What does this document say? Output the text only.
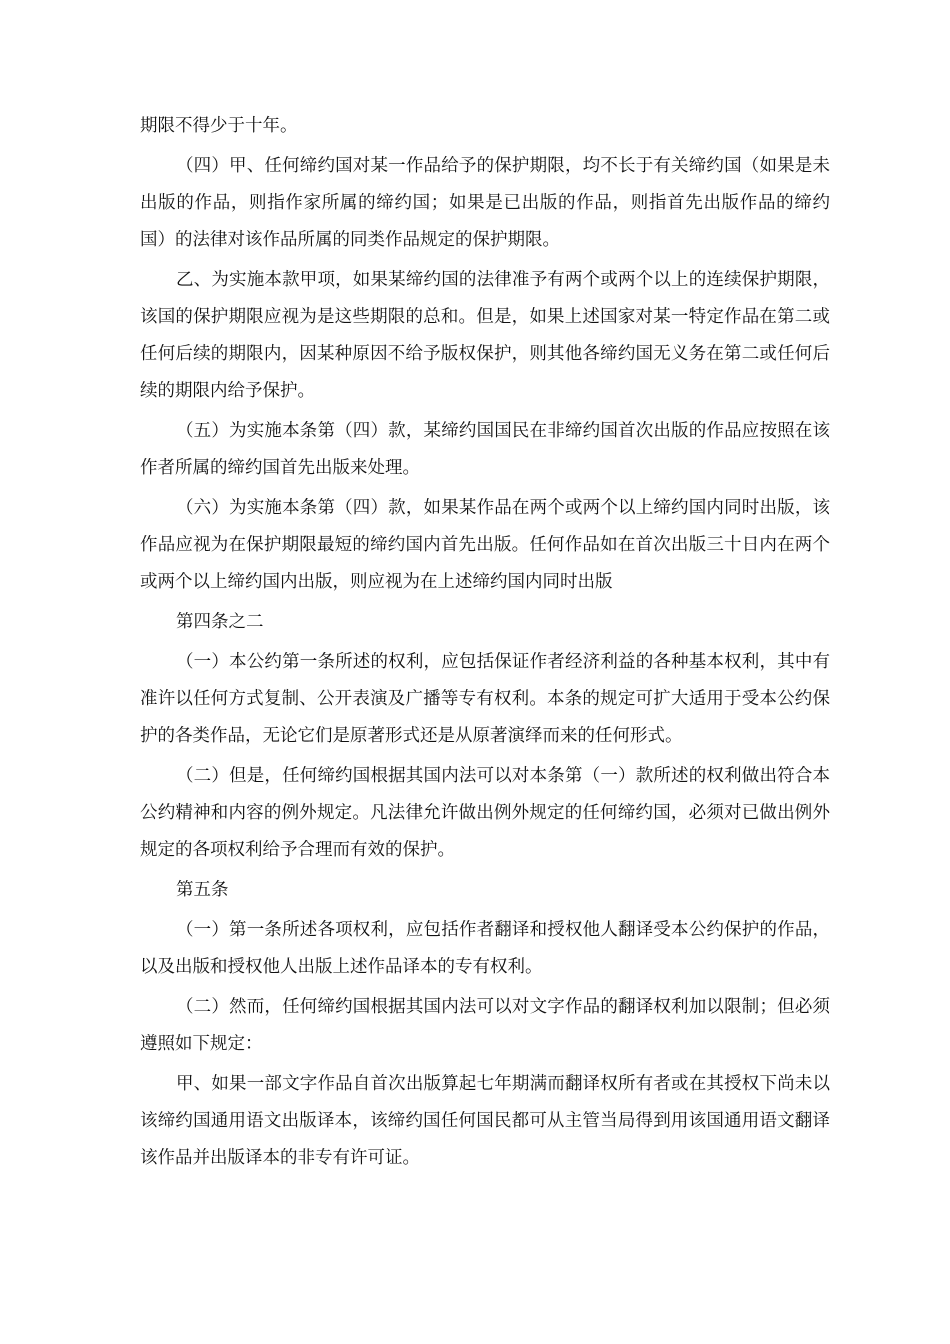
期限不得少于十年。

（四）甲、任何缔约国对某一作品给予的保护期限，均不长于有关缔约国（如果是未出版的作品，则指作家所属的缔约国；如果是已出版的作品，则指首先出版作品的缔约国）的法律对该作品所属的同类作品规定的保护期限。

乙、为实施本款甲项，如果某缔约国的法律准予有两个或两个以上的连续保护期限，该国的保护期限应视为是这些期限的总和。但是，如果上述国家对某一特定作品在第二或任何后续的期限内，因某种原因不给予版权保护，则其他各缔约国无义务在第二或任何后续的期限内给予保护。

（五）为实施本条第（四）款，某缔约国国民在非缔约国首次出版的作品应按照在该作者所属的缔约国首先出版来处理。

（六）为实施本条第（四）款，如果某作品在两个或两个以上缔约国内同时出版，该作品应视为在保护期限最短的缔约国内首先出版。任何作品如在首次出版三十日内在两个或两个以上缔约国内出版，则应视为在上述缔约国内同时出版

第四条之二

（一）本公约第一条所述的权利，应包括保证作者经济利益的各种基本权利，其中有准许以任何方式复制、公开表演及广播等专有权利。本条的规定可扩大适用于受本公约保护的各类作品，无论它们是原著形式还是从原著演绎而来的任何形式。

（二）但是，任何缔约国根据其国内法可以对本条第（一）款所述的权利做出符合本公约精神和内容的例外规定。凡法律允许做出例外规定的任何缔约国，必须对已做出例外规定的各项权利给予合理而有效的保护。

第五条

（一）第一条所述各项权利，应包括作者翻译和授权他人翻译受本公约保护的作品，以及出版和授权他人出版上述作品译本的专有权利。

（二）然而，任何缔约国根据其国内法可以对文字作品的翻译权利加以限制；但必须遵照如下规定：

甲、如果一部文字作品自首次出版算起七年期满而翻译权所有者或在其授权下尚未以该缔约国通用语文出版译本，该缔约国任何国民都可从主管当局得到用该国通用语文翻译该作品并出版译本的非专有许可证。
